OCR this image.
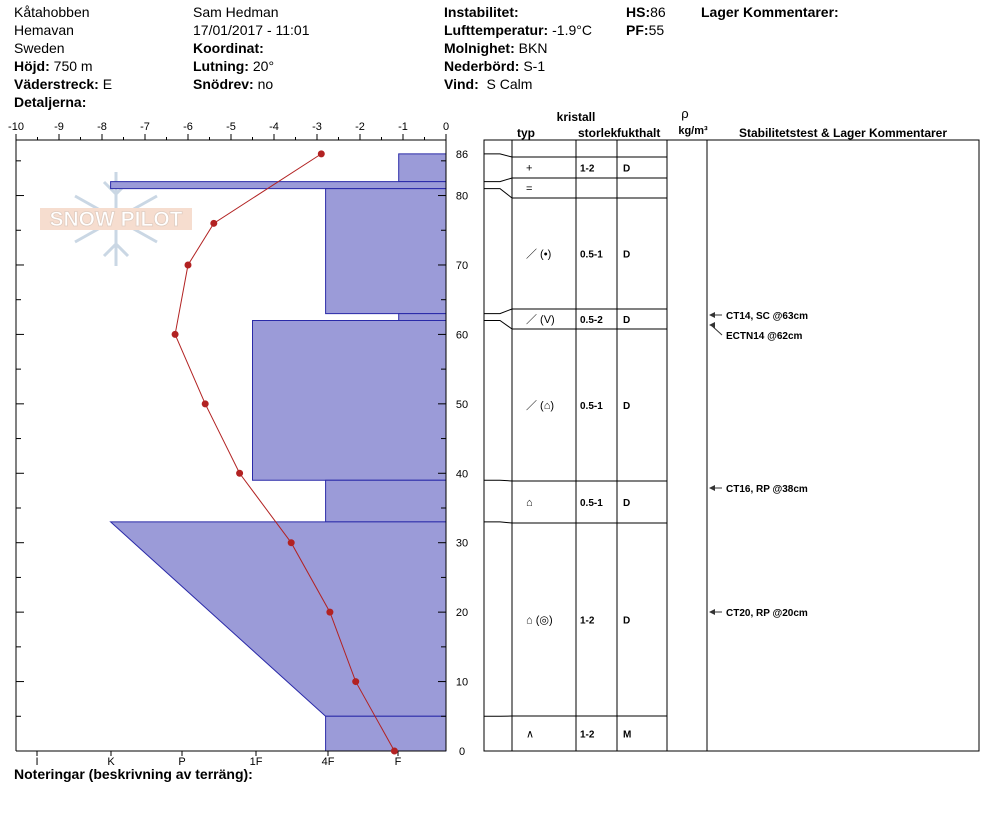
Kåtahobben
Hemavan
Sweden
Höjd: 750 m
Väderstreck: E
Detaljerna:
Sam Hedman
17/01/2017 - 11:01
Koordinat:
Lutning: 20°
Snödrev: no
Instabilitet:
Lufttemperatur: -1.9°C
Molnighet: BKN
Nederbörd: S-1
Vind: S Calm
HS:86
PF:55
Lager Kommentarer:
Noteringar (beskrivning av terräng):
SNOW PILOT
-10	-9	-8	-7	-6	-5	-4	-3	-2	-1	0
0
10
20
30
40
50
60
70
80
86
I	K	P	1F	4F	F
kristall
typ	storlek fukthalt
ρ
kg/m³	Stabilitetstest & Lager Kommentarer
+	1-2	D
=
／ (•)	0.5-1 D
／ (V)	0.5-2 D
／ (⌂)	0.5-1 D
⌂	0.5-1 D
⌂ (◎)	1-2	D
∧	1-2	M
CT14, SC @63cm
ECTN14 @62cm
CT16, RP @38cm
CT20, RP @20cm
